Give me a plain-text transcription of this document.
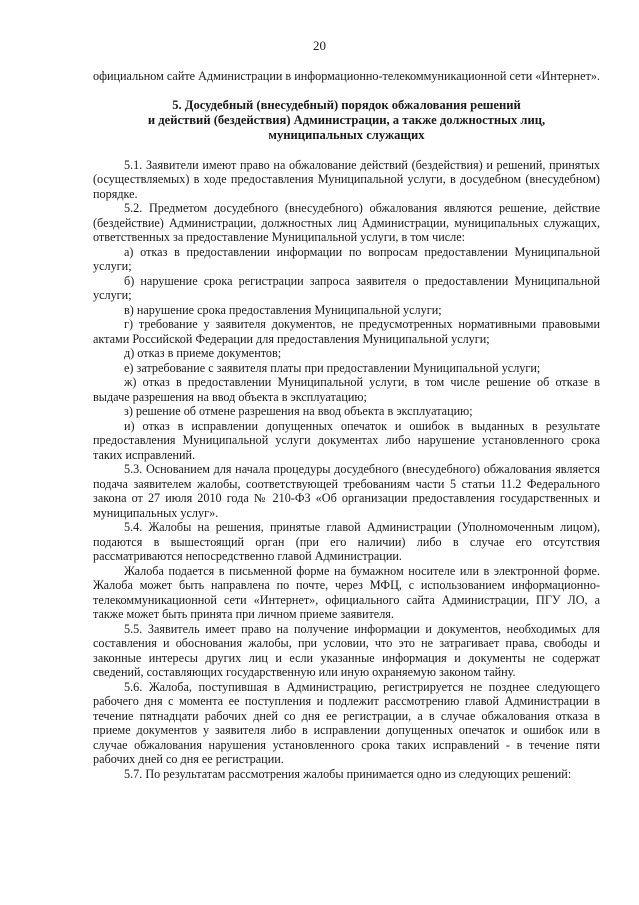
20

официальном сайте Администрации в информационно-телекоммуникационной сети «Интернет».

5. Досудебный (внесудебный) порядок обжалования решений
и действий (бездействия) Администрации, а также должностных лиц,
муниципальных служащих

5.1. Заявители имеют право на обжалование действий (бездействия) и решений, принятых (осуществляемых) в ходе предоставления Муниципальной услуги, в досудебном (внесудебном) порядке.

5.2. Предметом досудебного (внесудебного) обжалования являются решение, действие (бездействие) Администрации, должностных лиц Администрации, муниципальных служащих, ответственных за предоставление Муниципальной услуги, в том числе:

а) отказ в предоставлении информации по вопросам предоставлении Муниципальной услуги;

б) нарушение срока регистрации запроса заявителя о предоставлении Муниципальной услуги;

в) нарушение срока предоставления Муниципальной услуги;

г) требование у заявителя документов, не предусмотренных нормативными правовыми актами Российской Федерации для предоставления Муниципальной услуги;

д) отказ в приеме документов;

е) затребование с заявителя платы при предоставлении Муниципальной услуги;

ж) отказ в предоставлении Муниципальной услуги, в том числе решение об отказе в выдаче разрешения на ввод объекта в эксплуатацию;

з) решение об отмене разрешения на ввод объекта в эксплуатацию;

и) отказ в исправлении допущенных опечаток и ошибок в выданных в результате предоставления Муниципальной услуги документах либо нарушение установленного срока таких исправлений.

5.3. Основанием для начала процедуры досудебного (внесудебного) обжалования является подача заявителем жалобы, соответствующей требованиям части 5 статьи 11.2 Федерального закона от 27 июля 2010 года № 210-ФЗ «Об организации предоставления государственных и муниципальных услуг».

5.4. Жалобы на решения, принятые главой Администрации (Уполномоченным лицом), подаются в вышестоящий орган (при его наличии) либо в случае его отсутствия рассматриваются непосредственно главой Администрации.

Жалоба подается в письменной форме на бумажном носителе или в электронной форме. Жалоба может быть направлена по почте, через МФЦ, с использованием информационно-телекоммуникационной сети «Интернет», официального сайта Администрации, ПГУ ЛО, а также может быть принята при личном приеме заявителя.

5.5. Заявитель имеет право на получение информации и документов, необходимых для составления и обоснования жалобы, при условии, что это не затрагивает права, свободы и законные интересы других лиц и если указанные информация и документы не содержат сведений, составляющих государственную или иную охраняемую законом тайну.

5.6. Жалоба, поступившая в Администрацию, регистрируется не позднее следующего рабочего дня с момента ее поступления и подлежит рассмотрению главой Администрации в течение пятнадцати рабочих дней со дня ее регистрации, а в случае обжалования отказа в приеме документов у заявителя либо в исправлении допущенных опечаток и ошибок или в случае обжалования нарушения установленного срока таких исправлений - в течение пяти рабочих дней со дня ее регистрации.

5.7. По результатам рассмотрения жалобы принимается одно из следующих решений:
